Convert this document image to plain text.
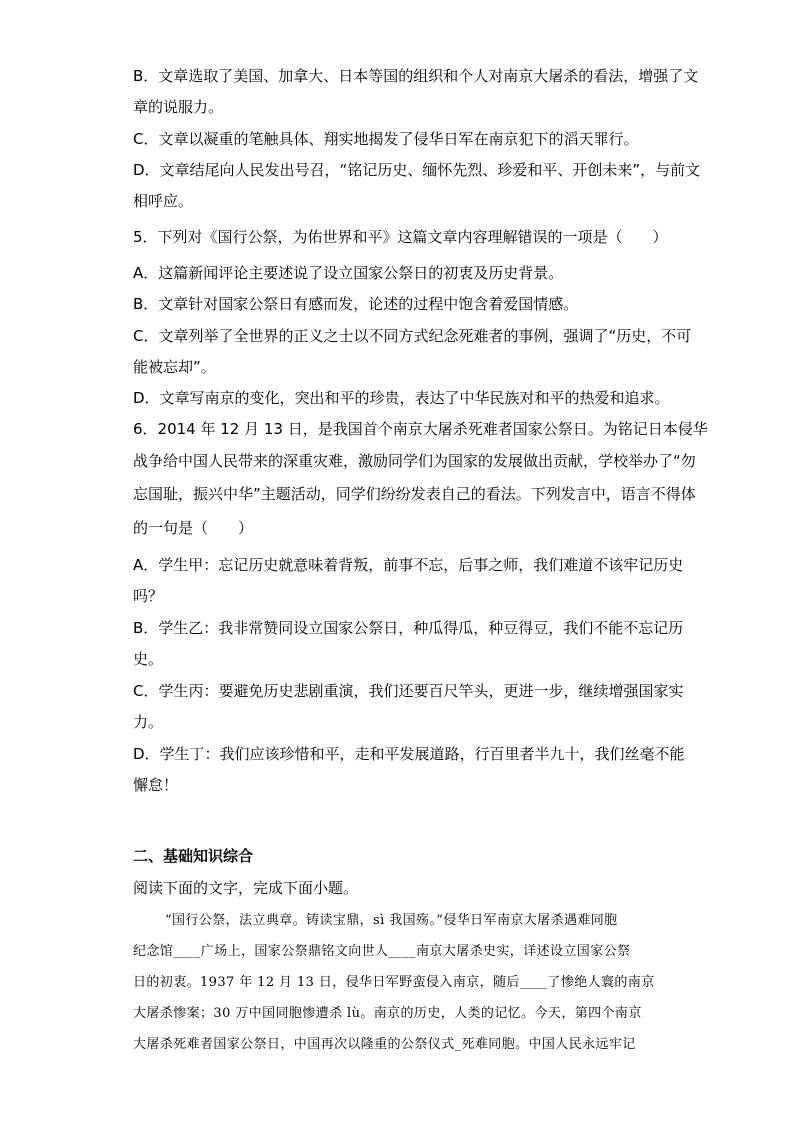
B．文章选取了美国、加拿大、日本等国的组织和个人对南京大屠杀的看法，增强了文
章的说服力。
C．文章以凝重的笔触具体、翔实地揭发了侵华日军在南京犯下的滔天罪行。
D．文章结尾向人民发出号召，“铭记历史、缅怀先烈、珍爱和平、开创未来”，与前文
相呼应。
5．下列对《国行公祭，为佑世界和平》这篇文章内容理解错误的一项是（　　）
A．这篇新闻评论主要述说了设立国家公祭日的初衷及历史背景。
B．文章针对国家公祭日有感而发，论述的过程中饱含着爱国情感。
C．文章列举了全世界的正义之士以不同方式纪念死难者的事例，强调了“历史，不可
能被忘却”。
D．文章写南京的变化，突出和平的珍贵，表达了中华民族对和平的热爱和追求。
6．2014 年 12 月 13 日，是我国首个南京大屠杀死难者国家公祭日。为铭记日本侵华
战争给中国人民带来的深重灾难，激励同学们为国家的发展做出贡献，学校举办了“勿
忘国耻，振兴中华”主题活动，同学们纷纷发表自己的看法。下列发言中，语言不得体
的一句是（　　）
A．学生甲：忘记历史就意味着背叛，前事不忘，后事之师，我们难道不该牢记历史
吗？
B．学生乙：我非常赞同设立国家公祭日，种瓜得瓜，种豆得豆，我们不能不忘记历
史。
C．学生丙：要避免历史悲剧重演，我们还要百尺竿头，更进一步，继续增强国家实
力。
D．学生丁：我们应该珍惜和平，走和平发展道路，行百里者半九十，我们丝毫不能
懈怠！
二、基础知识综合
阅读下面的文字，完成下面小题。
“国行公祭，法立典章。铸读宝鼎，sì 我国殇。”侵华日军南京大屠杀遇难同胞
纪念馆____广场上，国家公祭鼎铭文向世人____南京大屠杀史实，详述设立国家公祭
日的初衷。1937 年 12 月 13 日，侵华日军野蛮侵入南京，随后____了惨绝人寰的南京
大屠杀惨案；30 万中国同胞惨遭杀 lù。南京的历史，人类的记忆。今天，第四个南京
大屠杀死难者国家公祭日，中国再次以隆重的公祭仪式_死难同胞。中国人民永远牢记
